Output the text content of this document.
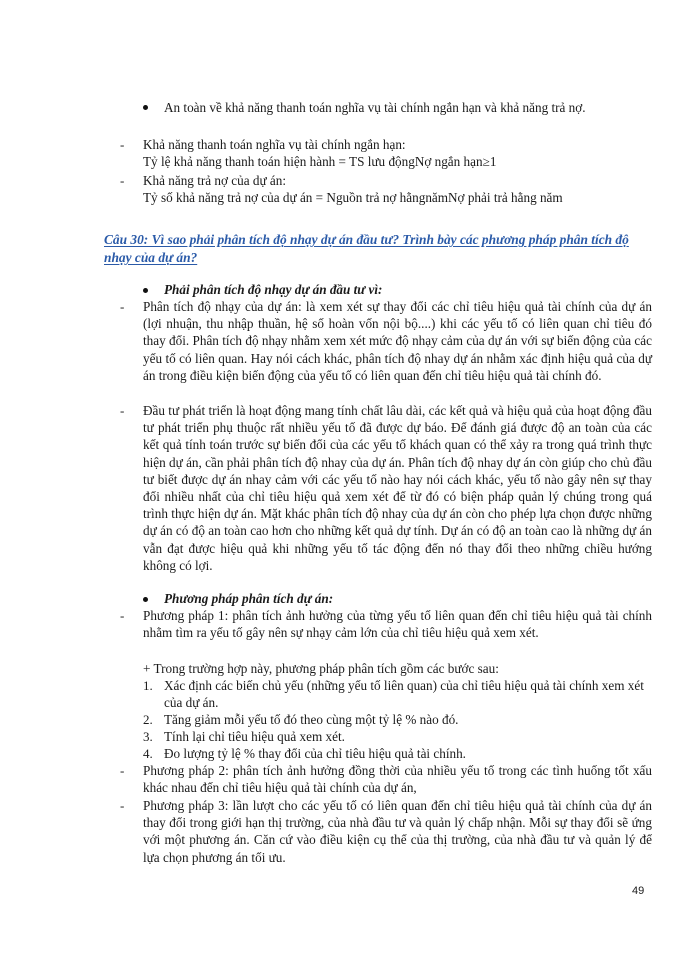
An toàn về khả năng thanh toán nghĩa vụ tài chính ngắn hạn và khả năng trả nợ.
- Khả năng thanh toán nghĩa vụ tài chính ngắn hạn:
Tỷ lệ khả năng thanh toán hiện hành = TS lưu độngNợ ngắn hạn≥1
- Khả năng trả nợ của dự án:
Tỷ số khả năng trả nợ của dự án = Nguồn trả nợ hằngnămNợ phải trả hằng năm
Câu 30: Vì sao phải phân tích độ nhạy dự án đầu tư? Trình bày các phương pháp phân tích độ nhạy của dự án?
Phải phân tích độ nhạy dự án đầu tư vì:
- Phân tích độ nhạy của dự án: là xem xét sự thay đổi các chỉ tiêu hiệu quả tài chính của dự án (lợi nhuận, thu nhập thuần, hệ số hoàn vốn nội bộ....) khi các yếu tố có liên quan chỉ tiêu đó thay đổi. Phân tích độ nhạy nhằm xem xét mức độ nhạy cảm của dự án với sự biến động của các yếu tố có liên quan. Hay nói cách khác, phân tích độ nhay dự án nhằm xác định hiệu quả của dự án trong điều kiện biến động của yếu tố có liên quan đến chỉ tiêu hiệu quả tài chính đó.
- Đầu tư phát triển là hoạt động mang tính chất lâu dài, các kết quả và hiệu quả của hoạt động đầu tư phát triển phụ thuộc rất nhiều yếu tố đã được dự báo. Để đánh giá được độ an toàn của các kết quả tính toán trước sự biến đổi của các yếu tố khách quan có thể xảy ra trong quá trình thực hiện dự án, cần phải phân tích độ nhay của dự án. Phân tích độ nhay dự án còn giúp cho chủ đầu tư biết được dự án nhay cảm với các yếu tố nào hay nói cách khác, yếu tố nào gây nên sự thay đổi nhiều nhất của chỉ tiêu hiệu quả xem xét để từ đó có biện pháp quản lý chúng trong quá trình thực hiện dự án. Mặt khác phân tích độ nhay của dự án còn cho phép lựa chọn được những dự án có độ an toàn cao hơn cho những kết quả dự tính. Dự án có độ an toàn cao là những dự án vẫn đạt được hiệu quả khi những yếu tố tác động đến nó thay đổi theo những chiều hướng không có lợi.
Phương pháp phân tích dự án:
- Phương pháp 1: phân tích ảnh hưởng của từng yếu tố liên quan đến chỉ tiêu hiệu quả tài chính nhằm tìm ra yếu tố gây nên sự nhạy cảm lớn của chỉ tiêu hiệu quả xem xét.
+ Trong trường hợp này, phương pháp phân tích gồm các bước sau:
1. Xác định các biến chủ yếu (những yếu tố liên quan) của chỉ tiêu hiệu quả tài chính xem xét của dự án.
2. Tăng giảm mỗi yếu tố đó theo cùng một tỷ lệ % nào đó.
3. Tính lại chỉ tiêu hiệu quả xem xét.
4. Đo lượng tỷ lệ % thay đổi của chỉ tiêu hiệu quả tài chính.
- Phương pháp 2: phân tích ảnh hưởng đồng thời của nhiều yếu tố trong các tình huống tốt xấu khác nhau đến chỉ tiêu hiệu quả tài chính của dự án,
- Phương pháp 3: lần lượt cho các yếu tố có liên quan đến chỉ tiêu hiệu quả tài chính của dự án thay đổi trong giới hạn thị trường, của nhà đầu tư và quản lý chấp nhận. Mỗi sự thay đổi sẽ ứng với một phương án. Căn cứ vào điều kiện cụ thể của thị trường, của nhà đầu tư và quản lý để lựa chọn phương án tối ưu.
49
